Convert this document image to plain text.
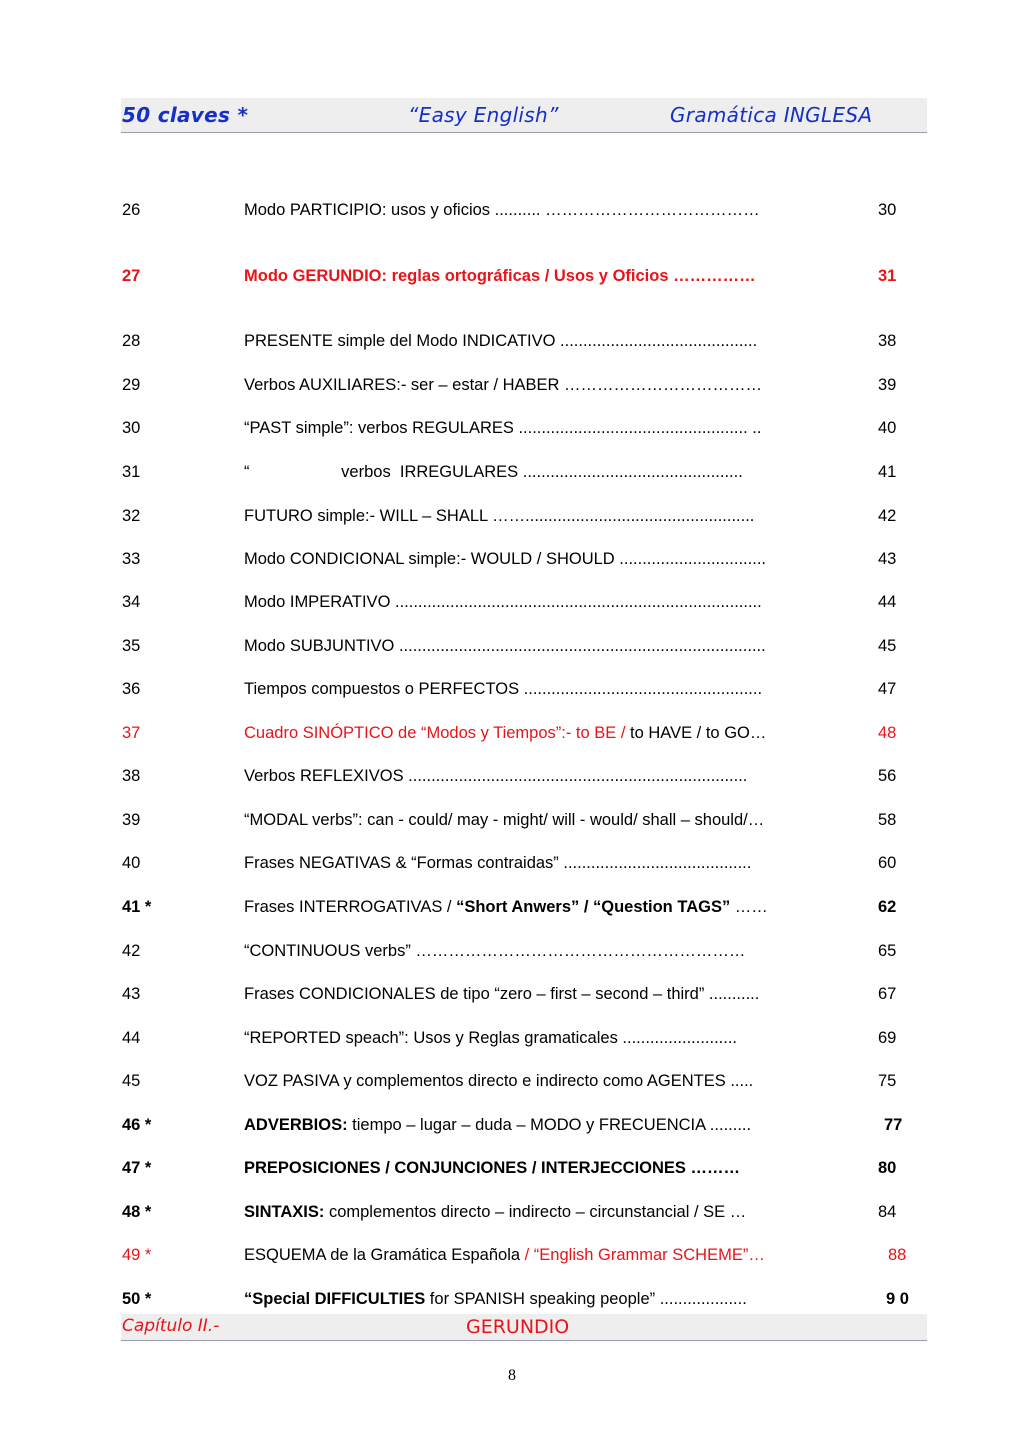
50 claves *	“Easy English”	Gramática INGLESA
26	Modo PARTICIPIO: usos y oficios .......... …………………………………	30
27	Modo GERUNDIO: reglas ortográficas / Usos y Oficios ……………	31
28	PRESENTE simple del Modo INDICATIVO ...........................................	38
29	Verbos AUXILIARES:- ser – estar / HABER ………………………………	39
30	“PAST simple”: verbos REGULARES .................................................. ..	40
31	“                    verbos  IRREGULARES ................................................	41
32	FUTURO simple:- WILL – SHALL ……..................................................	42
33	Modo CONDICIONAL simple:- WOULD / SHOULD ................................	43
34	Modo IMPERATIVO ................................................................................	44
35	Modo SUBJUNTIVO ................................................................................	45
36	Tiempos compuestos o PERFECTOS ....................................................	47
37	Cuadro SINÓPTICO de “Modos y Tiempos”:- to BE / to HAVE / to GO…	48
38	Verbos REFLEXIVOS ..........................................................................	56
39	“MODAL verbs”: can - could/ may - might/ will - would/ shall – should/…	58
40	Frases NEGATIVAS & “Formas contraidas” .........................................	60
41 *	Frases INTERROGATIVAS / “Short Anwers” / “Question TAGS” ……	62
42	“CONTINUOUS verbs” ……………………………………………………	65
43	Frases CONDICIONALES de tipo “zero – first – second – third” ...........	67
44	“REPORTED speach”: Usos y Reglas gramaticales .........................	69
45	VOZ PASIVA y complementos directo e indirecto como AGENTES .....	75
46 *	ADVERBIOS: tiempo – lugar – duda – MODO y FRECUENCIA .........	77
47 *	PREPOSICIONES / CONJUNCIONES / INTERJECCIONES ………	80
48 *	SINTAXIS: complementos directo – indirecto – circunstancial / SE …	84
49 *	ESQUEMA de la Gramática Española / “English Grammar SCHEME”…	88
50 *	“Special DIFFICULTIES for SPANISH speaking people” ...................	9 0
Capítulo II.-	GERUNDIO
8
